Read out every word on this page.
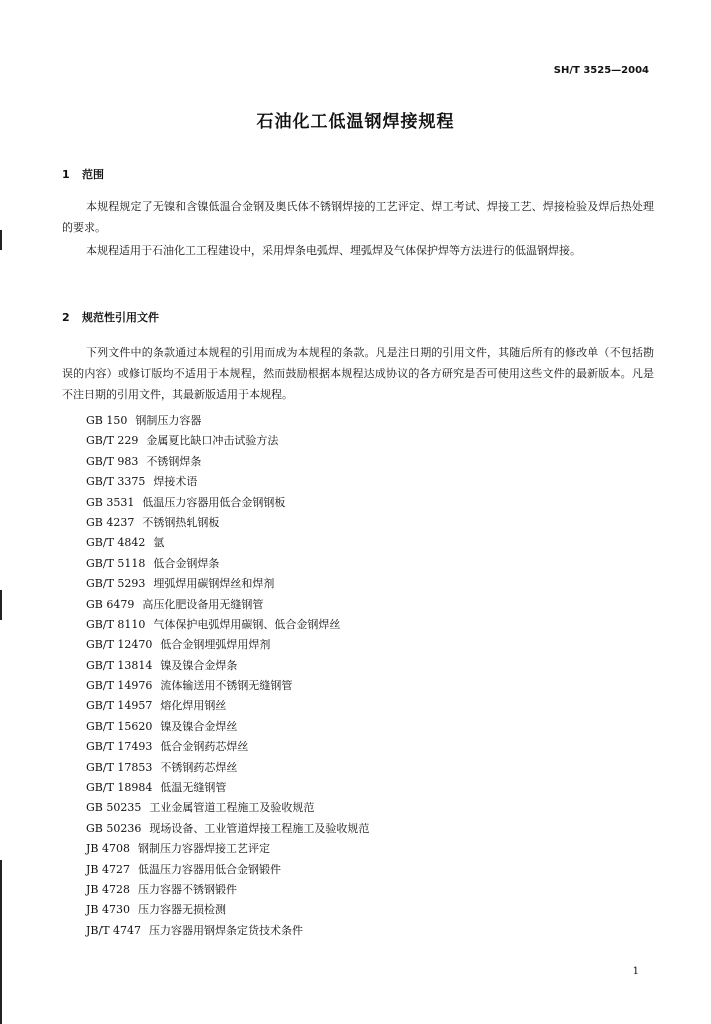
SH/T 3525—2004
石油化工低温钢焊接规程
1 范围

本规程规定了无镍和含镍低温合金钢及奥氏体不锈钢焊接的工艺评定、焊工考试、焊接工艺、焊接检验及焊后热处理的要求。

本规程适用于石油化工工程建设中，采用焊条电弧焊、埋弧焊及气体保护焊等方法进行的低温钢焊接。

2 规范性引用文件

下列文件中的条款通过本规程的引用而成为本规程的条款。凡是注日期的引用文件，其随后所有的修改单（不包括勘误的内容）或修订版均不适用于本规程，然而鼓励根据本规程达成协议的各方研究是否可使用这些文件的最新版本。凡是不注日期的引用文件，其最新版适用于本规程。

GB 150 钢制压力容器
GB/T 229 金属夏比缺口冲击试验方法
GB/T 983 不锈钢焊条
GB/T 3375 焊接术语
GB 3531 低温压力容器用低合金钢钢板
GB 4237 不锈钢热轧钢板
GB/T 4842 氩
GB/T 5118 低合金钢焊条
GB/T 5293 埋弧焊用碳钢焊丝和焊剂
GB 6479 高压化肥设备用无缝钢管
GB/T 8110 气体保护电弧焊用碳钢、低合金钢焊丝
GB/T 12470 低合金钢埋弧焊用焊剂
GB/T 13814 镍及镍合金焊条
GB/T 14976 流体输送用不锈钢无缝钢管
GB/T 14957 熔化焊用钢丝
GB/T 15620 镍及镍合金焊丝
GB/T 17493 低合金钢药芯焊丝
GB/T 17853 不锈钢药芯焊丝
GB/T 18984 低温无缝钢管
GB 50235 工业金属管道工程施工及验收规范
GB 50236 现场设备、工业管道焊接工程施工及验收规范
JB 4708 钢制压力容器焊接工艺评定
JB 4727 低温压力容器用低合金钢锻件
JB 4728 压力容器不锈钢锻件
JB 4730 压力容器无损检测
JB/T 4747 压力容器用钢焊条定货技术条件
1
